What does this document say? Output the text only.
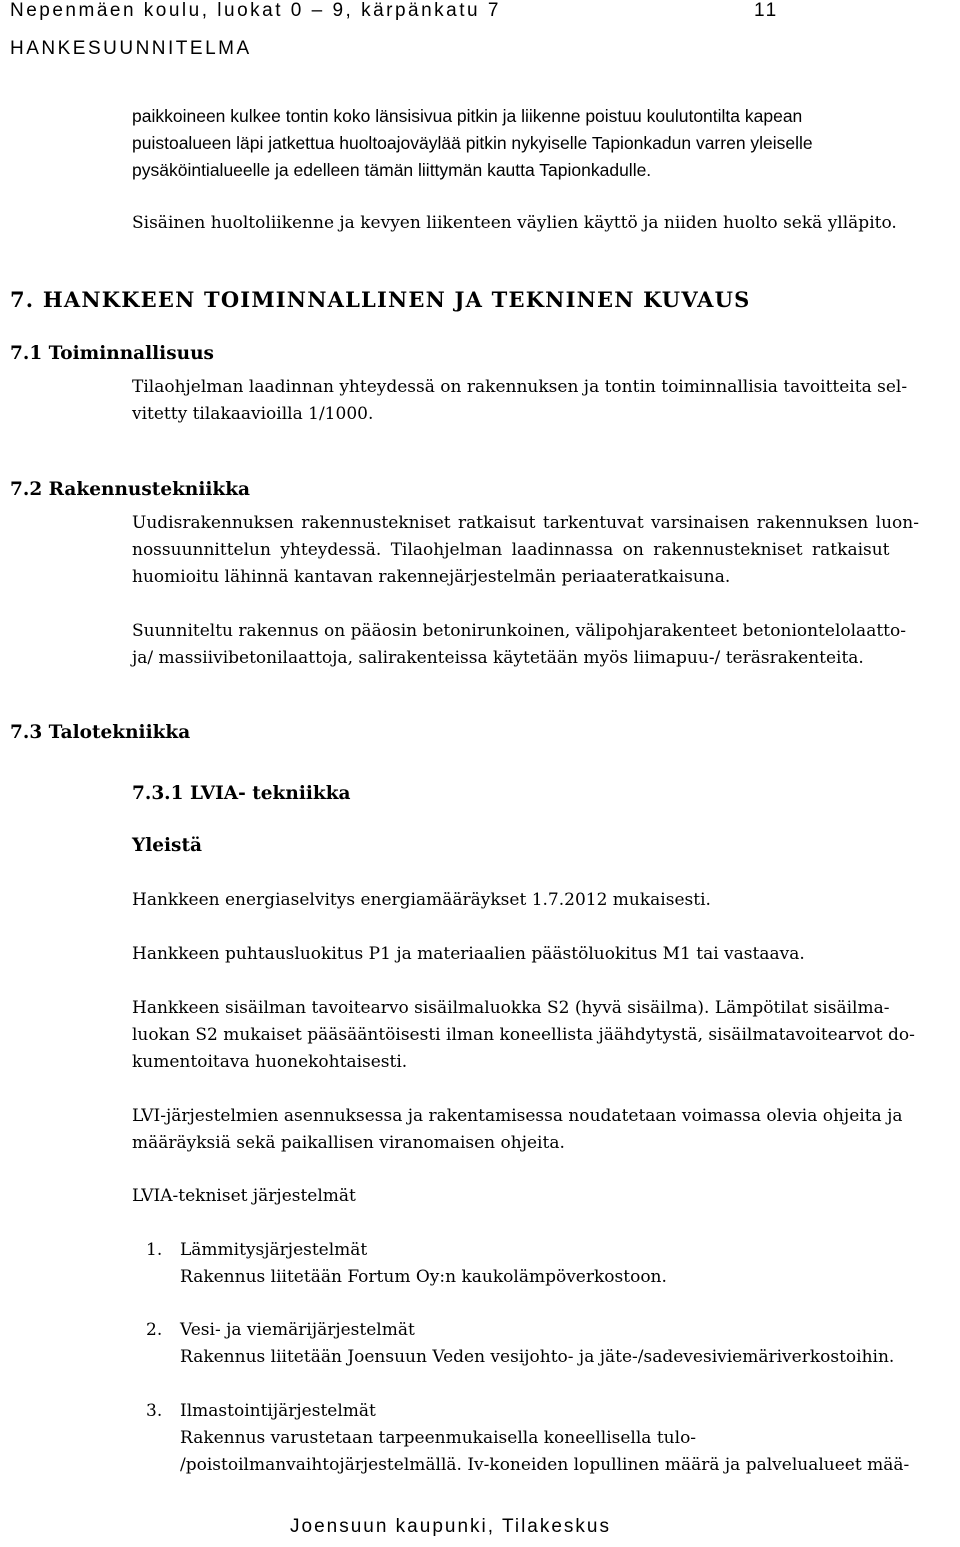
Nepenmäen koulu, luokat 0 – 9, kärpänkatu 7	11
HANKESUUNNITELMA
paikkoineen kulkee tontin koko länsisivua pitkin ja liikenne poistuu koulutontilta kapean
puistoalueen läpi jatkettua huoltoajoväylää pitkin nykyiselle Tapionkadun varren yleiselle
pysäköintialueelle ja edelleen tämän liittymän kautta Tapionkadulle.
Sisäinen huoltoliikenne ja kevyen liikenteen väylien käyttö ja niiden huolto sekä ylläpito.
7. HANKKEEN TOIMINNALLINEN JA TEKNINEN KUVAUS
7.1 Toiminnallisuus
Tilaohjelman laadinnan yhteydessä on rakennuksen ja tontin toiminnallisia tavoitteita sel-
vitetty tilakaavioilla 1/1000.
7.2 Rakennustekniikka
Uudisrakennuksen rakennustekniset ratkaisut tarkentuvat varsinaisen rakennuksen luon-
nossuunnittelun yhteydessä. Tilaohjelman laadinnassa on rakennustekniset ratkaisut
huomioitu lähinnä kantavan rakennejärjestelmän periaateratkaisuna.
Suunniteltu rakennus on pääosin betonirunkoinen, välipohjarakenteet betoniontelolaatto-
ja/ massiivibetonilaattoja, salirakenteissa käytetään myös liimapuu-/ teräsrakenteita.
7.3 Talotekniikka
7.3.1 LVIA- tekniikka
Yleistä
Hankkeen energiaselvitys energiamääräykset 1.7.2012 mukaisesti.
Hankkeen puhtausluokitus P1 ja materiaalien päästöluokitus M1 tai vastaava.
Hankkeen sisäilman tavoitearvo sisäilmaluokka S2 (hyvä sisäilma). Lämpötilat sisäilma-
luokan S2 mukaiset pääsääntöisesti ilman koneellista jäähdytystä, sisäilmatavoitearvot do-
kumentoitava huonekohtaisesti.
LVI-järjestelmien asennuksessa ja rakentamisessa noudatetaan voimassa olevia ohjeita ja
määräyksiä sekä paikallisen viranomaisen ohjeita.
LVIA-tekniset järjestelmät
1. Lämmitysjärjestelmät
Rakennus liitetään Fortum Oy:n kaukolämpöverkostoon.
2. Vesi- ja viemärijärjestelmät
Rakennus liitetään Joensuun Veden vesijohto- ja jäte-/sadevesiviemäriverkostoihin.
3. Ilmastointijärjestelmät
Rakennus varustetaan tarpeenmukaisella koneellisella tulo-
/poistoilmanvaihtojärjestelmällä. Iv-koneiden lopullinen määrä ja palvelualueet mää-
Joensuun kaupunki, Tilakeskus
